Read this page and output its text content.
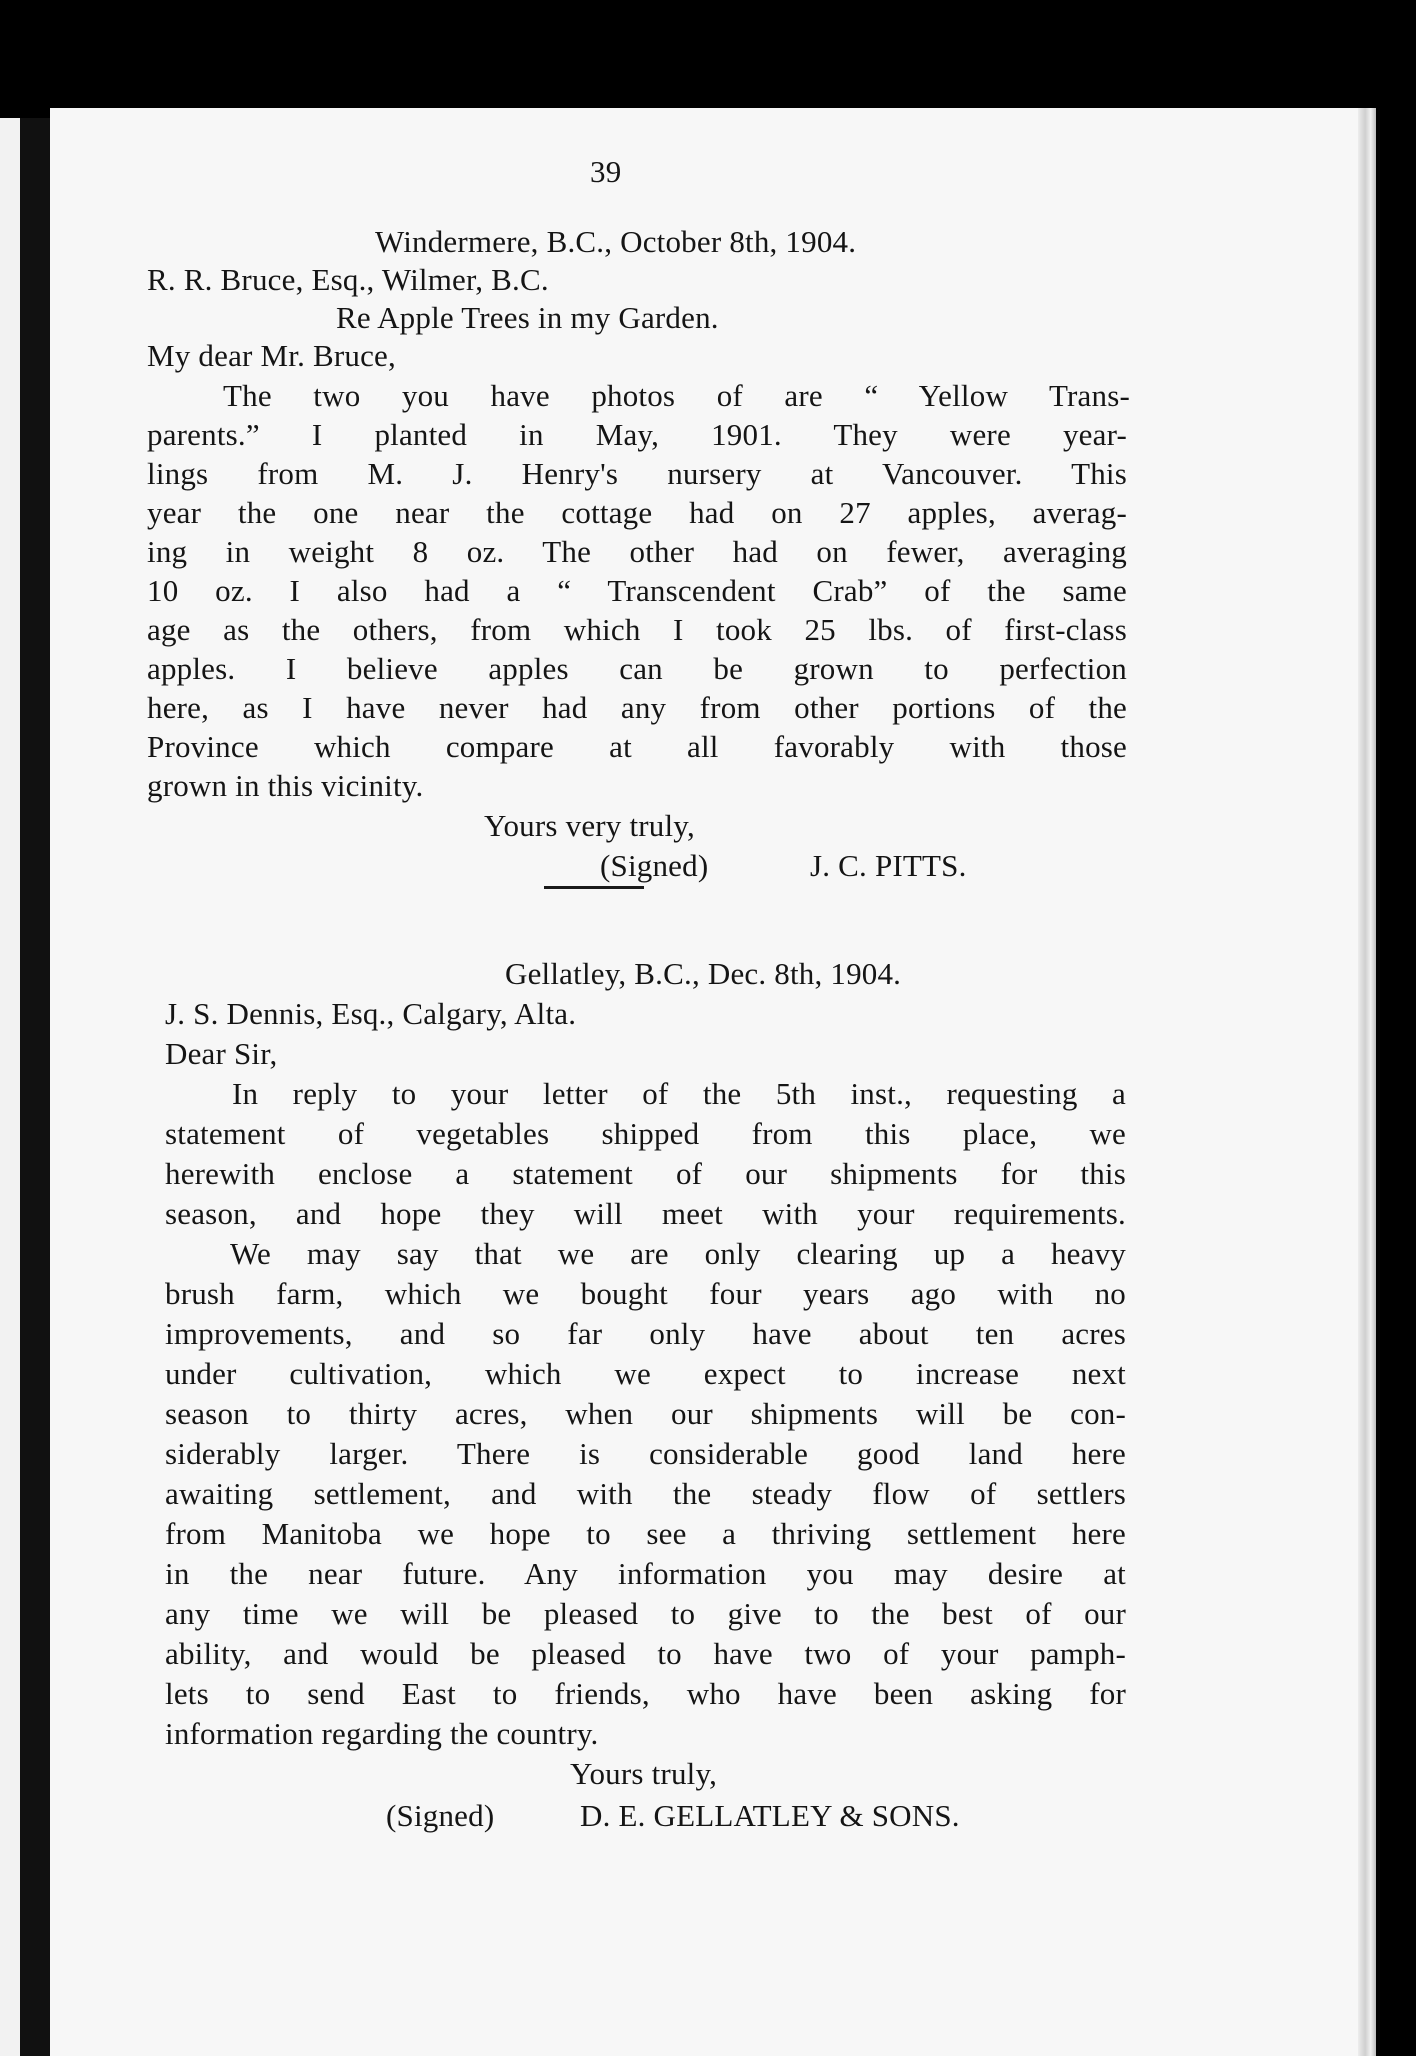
39
Windermere, B.C., October 8th, 1904.
R. R. Bruce, Esq., Wilmer, B.C.
Re Apple Trees in my Garden.
My dear Mr. Bruce,
The two you have photos of are “ Yellow Trans-
parents.” I planted in May, 1901. They were year-
lings from M. J. Henry's nursery at Vancouver. This
year the one near the cottage had on 27 apples, averag-
ing in weight 8 oz. The other had on fewer, averaging
10 oz. I also had a “ Transcendent Crab” of the same
age as the others, from which I took 25 lbs. of first-class
apples. I believe apples can be grown to perfection
here, as I have never had any from other portions of the
Province which compare at all favorably with those
grown in this vicinity.
Yours very truly,
(Signed)	J. C. PITTS.
Gellatley, B.C., Dec. 8th, 1904.
J. S. Dennis, Esq., Calgary, Alta.
Dear Sir,
In reply to your letter of the 5th inst., requesting a
statement of vegetables shipped from this place, we
herewith enclose a statement of our shipments for this
season, and hope they will meet with your requirements.
We may say that we are only clearing up a heavy
brush farm, which we bought four years ago with no
improvements, and so far only have about ten acres
under cultivation, which we expect to increase next
season to thirty acres, when our shipments will be con-
siderably larger. There is considerable good land here
awaiting settlement, and with the steady flow of settlers
from Manitoba we hope to see a thriving settlement here
in the near future. Any information you may desire at
any time we will be pleased to give to the best of our
ability, and would be pleased to have two of your pamph-
lets to send East to friends, who have been asking for
information regarding the country.
Yours truly,
(Signed)	D. E. GELLATLEY & SONS.
